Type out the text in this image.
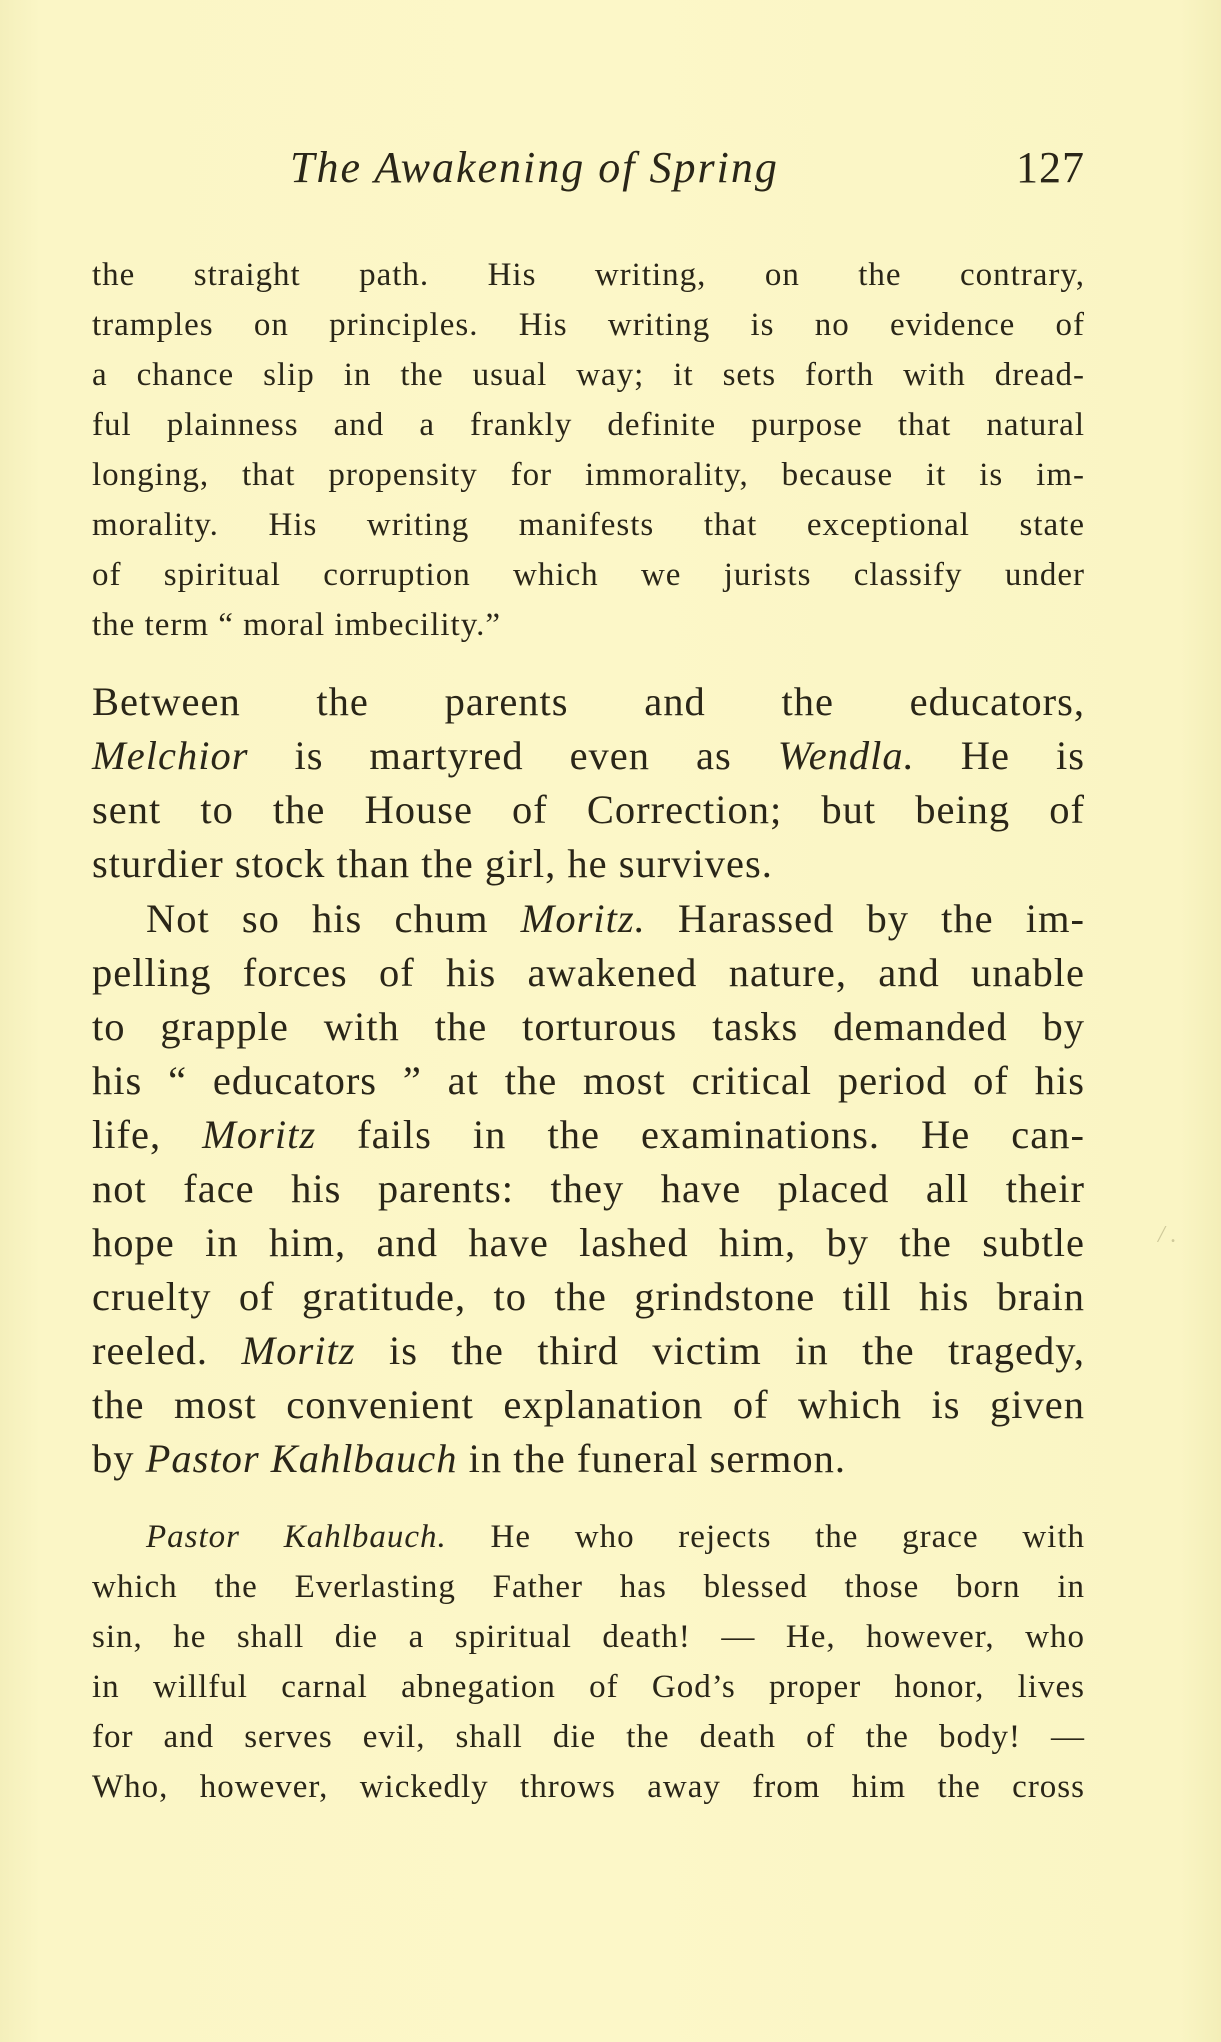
The Awakening of Spring	127
the straight path. His writing, on the contrary,
tramples on principles. His writing is no evidence of
a chance slip in the usual way; it sets forth with dread-
ful plainness and a frankly definite purpose that natural
longing, that propensity for immorality, because it is im-
morality. His writing manifests that exceptional state
of spiritual corruption which we jurists classify under
the term “ moral imbecility.”
Between the parents and the educators,
Melchior is martyred even as Wendla. He is
sent to the House of Correction; but being of
sturdier stock than the girl, he survives.
Not so his chum Moritz. Harassed by the im-
pelling forces of his awakened nature, and unable
to grapple with the torturous tasks demanded by
his “ educators ” at the most critical period of his
life, Moritz fails in the examinations. He can-
not face his parents: they have placed all their
hope in him, and have lashed him, by the subtle
cruelty of gratitude, to the grindstone till his brain
reeled. Moritz is the third victim in the tragedy,
the most convenient explanation of which is given
by Pastor Kahlbauch in the funeral sermon.
Pastor Kahlbauch. He who rejects the grace with
which the Everlasting Father has blessed those born in
sin, he shall die a spiritual death! — He, however, who
in willful carnal abnegation of God’s proper honor, lives
for and serves evil, shall die the death of the body! —
Who, however, wickedly throws away from him the cross
/ .
